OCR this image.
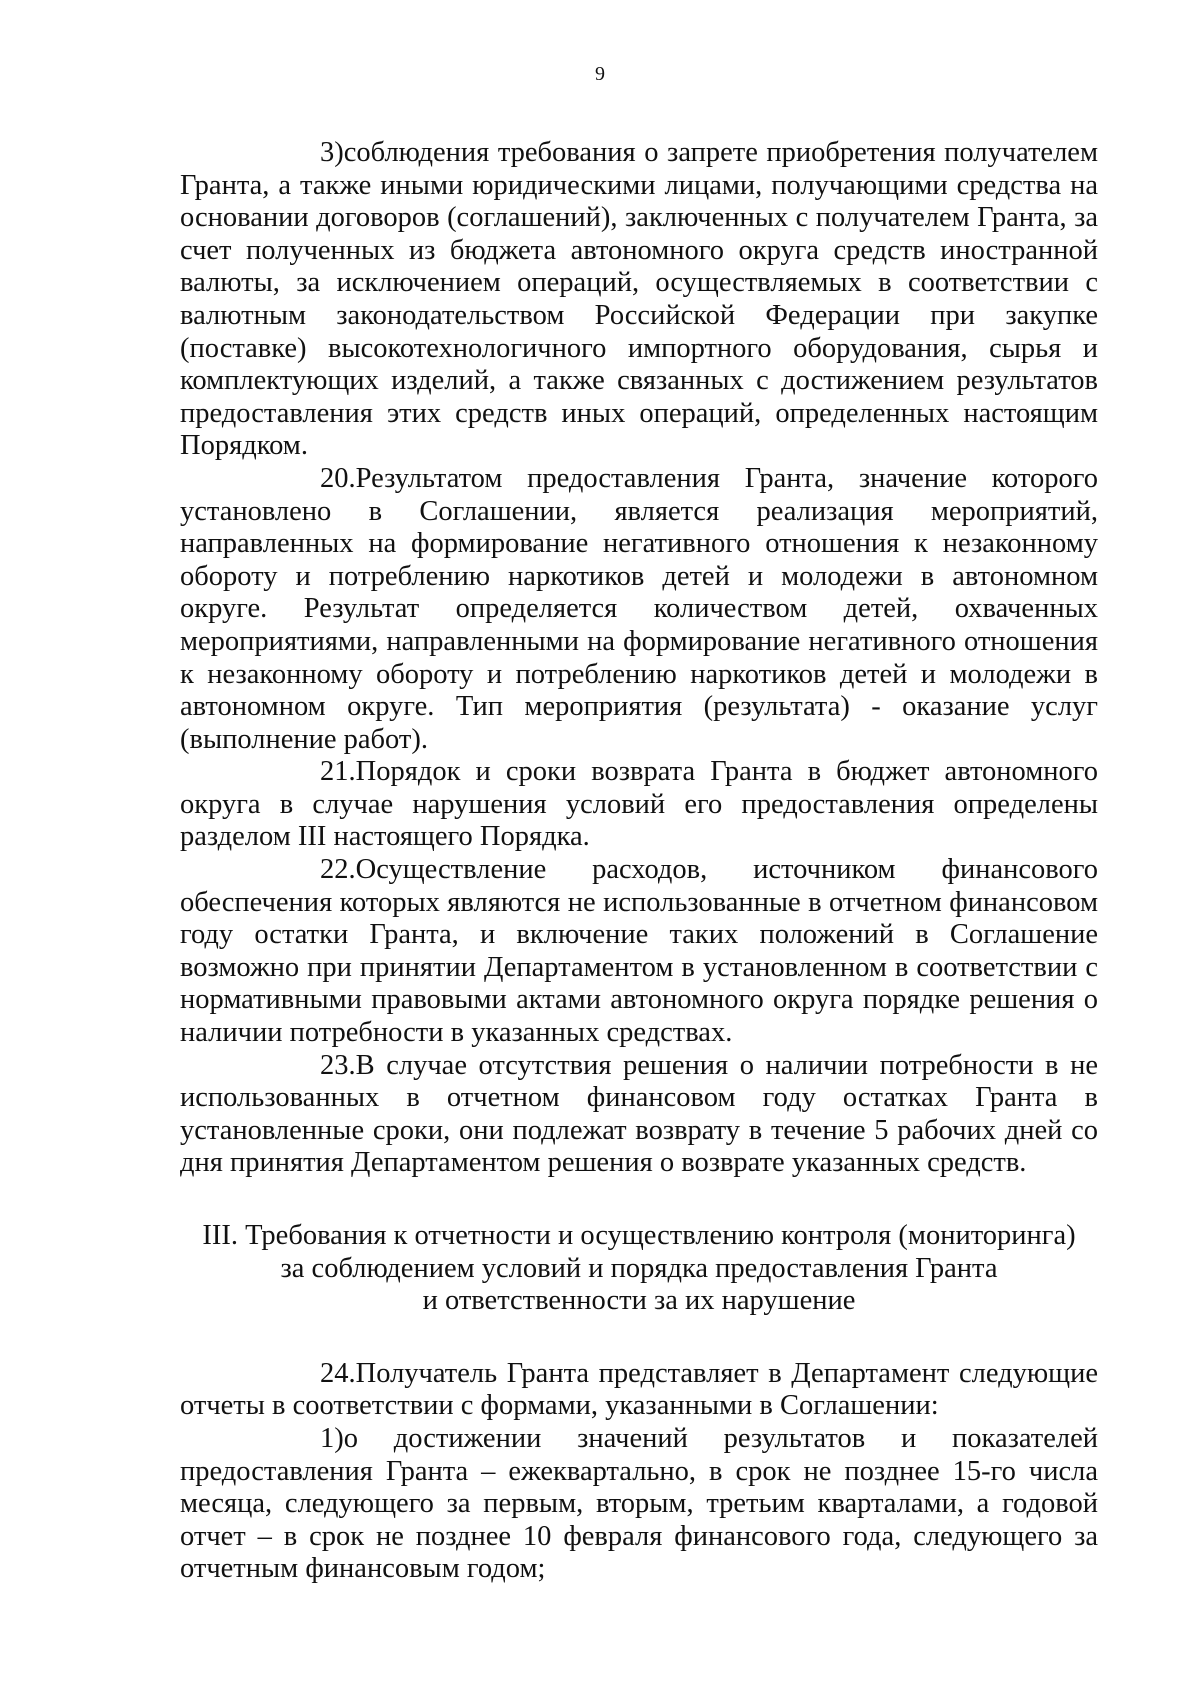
9

3)соблюдения требования о запрете приобретения получателем Гранта, а также иными юридическими лицами, получающими средства на основании договоров (соглашений), заключенных с получателем Гранта, за счет полученных из бюджета автономного округа средств иностранной валюты, за исключением операций, осуществляемых в соответствии с валютным законодательством Российской Федерации при закупке (поставке) высокотехнологичного импортного оборудования, сырья и комплектующих изделий, а также связанных с достижением результатов предоставления этих средств иных операций, определенных настоящим Порядком.

20.Результатом предоставления Гранта, значение которого установлено в Соглашении, является реализация мероприятий, направленных на формирование негативного отношения к незаконному обороту и потреблению наркотиков детей и молодежи в автономном округе. Результат определяется количеством детей, охваченных мероприятиями, направленными на формирование негативного отношения к незаконному обороту и потреблению наркотиков детей и молодежи в автономном округе. Тип мероприятия (результата) - оказание услуг (выполнение работ).

21.Порядок и сроки возврата Гранта в бюджет автономного округа в случае нарушения условий его предоставления определены разделом III настоящего Порядка.

22.Осуществление расходов, источником финансового обеспечения которых являются не использованные в отчетном финансовом году остатки Гранта, и включение таких положений в Соглашение возможно при принятии Департаментом в установленном в соответствии с нормативными правовыми актами автономного округа порядке решения о наличии потребности в указанных средствах.

23.В случае отсутствия решения о наличии потребности в не использованных в отчетном финансовом году остатках Гранта в установленные сроки, они подлежат возврату в течение 5 рабочих дней со дня принятия Департаментом решения о возврате указанных средств.

III. Требования к отчетности и осуществлению контроля (мониторинга)
за соблюдением условий и порядка предоставления Гранта
и ответственности за их нарушение

24.Получатель Гранта представляет в Департамент следующие отчеты в соответствии с формами, указанными в Соглашении:

1)о достижении значений результатов и показателей предоставления Гранта – ежеквартально, в срок не позднее 15-го числа месяца, следующего за первым, вторым, третьим кварталами, а годовой отчет – в срок не позднее 10 февраля финансового года, следующего за отчетным финансовым годом;
